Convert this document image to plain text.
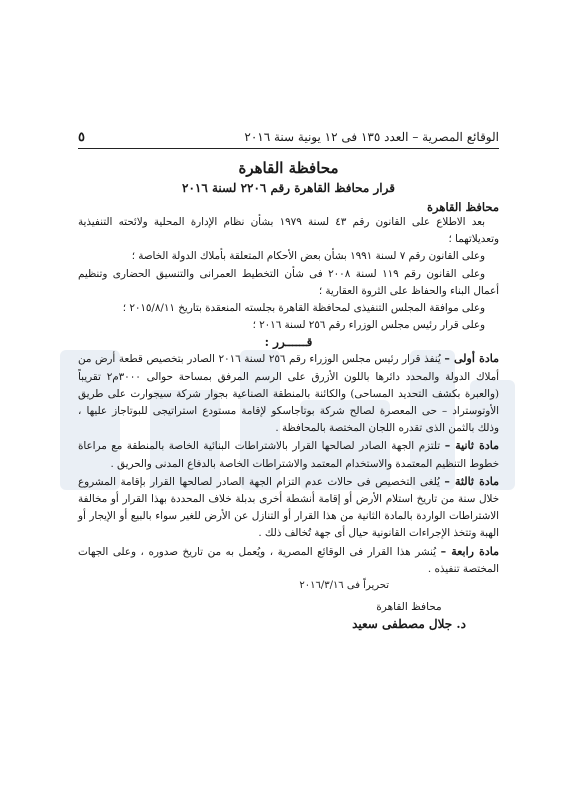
الوقائع المصرية – العدد ١٣٥ فى ١٢ يونية سنة ٢٠١٦
٥
محافظة القاهرة
قرار محافظ القاهرة رقم ٢٢٠٦ لسنة ٢٠١٦
محافظ القاهرة

بعد الاطلاع على القانون رقم ٤٣ لسنة ١٩٧٩ بشأن نظام الإدارة المحلية ولائحته التنفيذية وتعديلاتهما ؛

وعلى القانون رقم ٧ لسنة ١٩٩١ بشأن بعض الأحكام المتعلقة بأملاك الدولة الخاصة ؛

وعلى القانون رقم ١١٩ لسنة ٢٠٠٨ فى شأن التخطيط العمرانى والتنسيق الحضارى وتنظيم أعمال البناء والحفاظ على الثروة العقارية ؛

وعلى موافقة المجلس التنفيذى لمحافظة القاهرة بجلسته المنعقدة بتاريخ ٢٠١٥/٨/١١ ؛

وعلى قرار رئيس مجلس الوزراء رقم ٢٥٦ لسنة ٢٠١٦ ؛

قــــــرر :

مادة أولى – يُنفذ قرار رئيس مجلس الوزراء رقم ٢٥٦ لسنة ٢٠١٦ الصادر بتخصيص قطعة أرض من أملاك الدولة والمحدد دائرها باللون الأزرق على الرسم المرفق بمساحة حوالى ٣٠٠٠م٢ تقريباً (والعبرة بكشف التحديد المساحى) والكائنة بالمنطقة الصناعية بجوار شركة سيجوارت على طريق الأوتوستراد – حى المعصرة لصالح شركة بوتاجاسكو لإقامة مستودع استراتيجى للبوتاجاز عليها ، وذلك بالثمن الذى تقدره اللجان المختصة بالمحافظة .

مادة ثانية – تلتزم الجهة الصادر لصالحها القرار بالاشتراطات البنائية الخاصة بالمنطقة مع مراعاة خطوط التنظيم المعتمدة والاستخدام المعتمد والاشتراطات الخاصة بالدفاع المدنى والحريق .

مادة ثالثة – يُلغى التخصيص فى حالات عدم التزام الجهة الصادر لصالحها القرار بإقامة المشروع خلال سنة من تاريخ استلام الأرض أو إقامة أنشطة أخرى بدبلة خلاف المحددة بهذا القرار أو مخالفة الاشتراطات الواردة بالمادة الثانية من هذا القرار أو التنازل عن الأرض للغير سواء بالبيع أو الإيجار أو الهبة وتتخذ الإجراءات القانونية حيال أى جهة تُخالف ذلك .

مادة رابعة – يُنشر هذا القرار فى الوقائع المصرية ، ويُعمل به من تاريخ صدوره ، وعلى الجهات المختصة تنفيذه .

تحريراً فى ٢٠١٦/٣/١٦
محافظ القاهرة
د. جلال مصطفى سعيد
